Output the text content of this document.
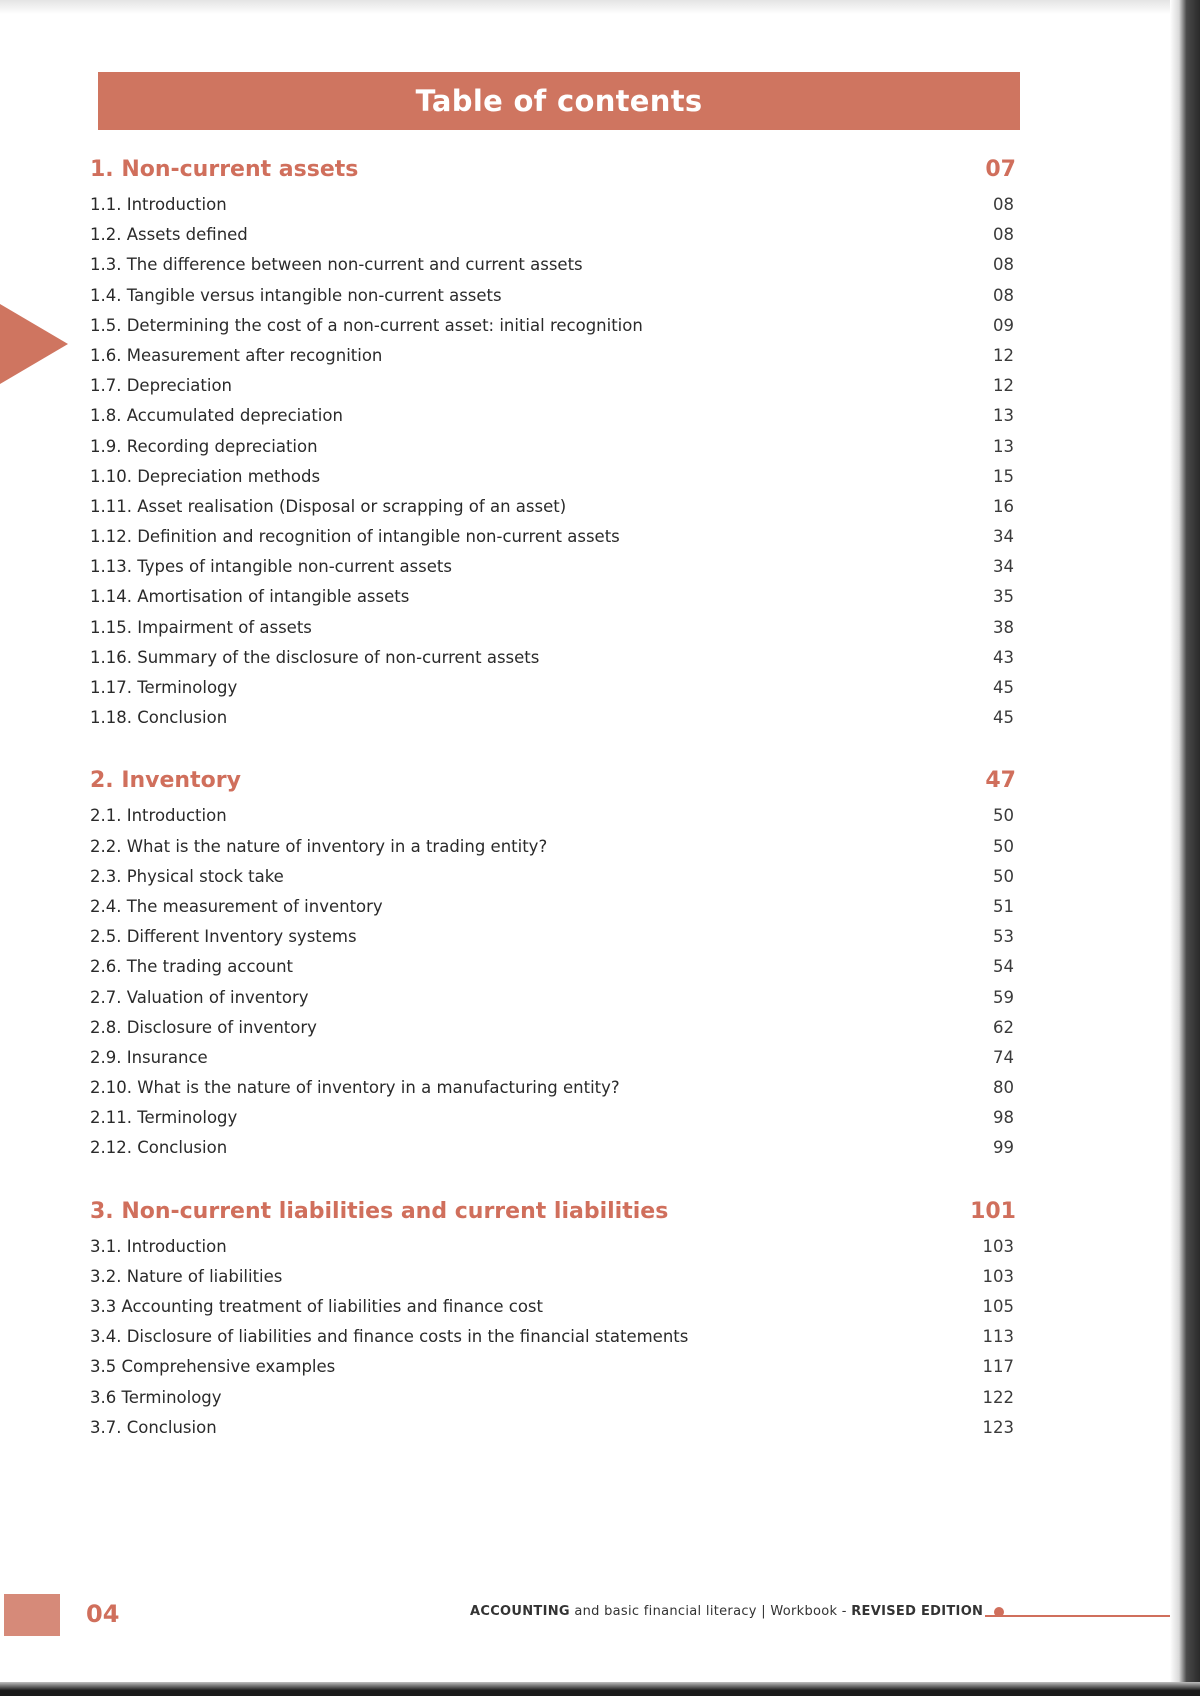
Table of contents
1. Non-current assets	07
1.1. Introduction	08
1.2. Assets defined	08
1.3. The difference between non-current and current assets	08
1.4. Tangible versus intangible non-current assets	08
1.5. Determining the cost of a non-current asset: initial recognition	09
1.6. Measurement after recognition	12
1.7. Depreciation	12
1.8. Accumulated depreciation	13
1.9. Recording depreciation	13
1.10. Depreciation methods	15
1.11. Asset realisation (Disposal or scrapping of an asset)	16
1.12. Definition and recognition of intangible non-current assets	34
1.13. Types of intangible non-current assets	34
1.14. Amortisation of intangible assets	35
1.15. Impairment of assets	38
1.16. Summary of the disclosure of non-current assets	43
1.17. Terminology	45
1.18. Conclusion	45
2. Inventory	47
2.1. Introduction	50
2.2. What is the nature of inventory in a trading entity?	50
2.3. Physical stock take	50
2.4. The measurement of inventory	51
2.5. Different Inventory systems	53
2.6. The trading account	54
2.7. Valuation of inventory	59
2.8. Disclosure of inventory	62
2.9. Insurance	74
2.10. What is the nature of inventory in a manufacturing entity?	80
2.11. Terminology	98
2.12. Conclusion	99
3. Non-current liabilities and current liabilities	101
3.1. Introduction	103
3.2. Nature of liabilities	103
3.3 Accounting treatment of liabilities and finance cost	105
3.4. Disclosure of liabilities and finance costs in the financial statements	113
3.5 Comprehensive examples	117
3.6 Terminology	122
3.7. Conclusion	123
04	ACCOUNTING and basic financial literacy | Workbook - REVISED EDITION
